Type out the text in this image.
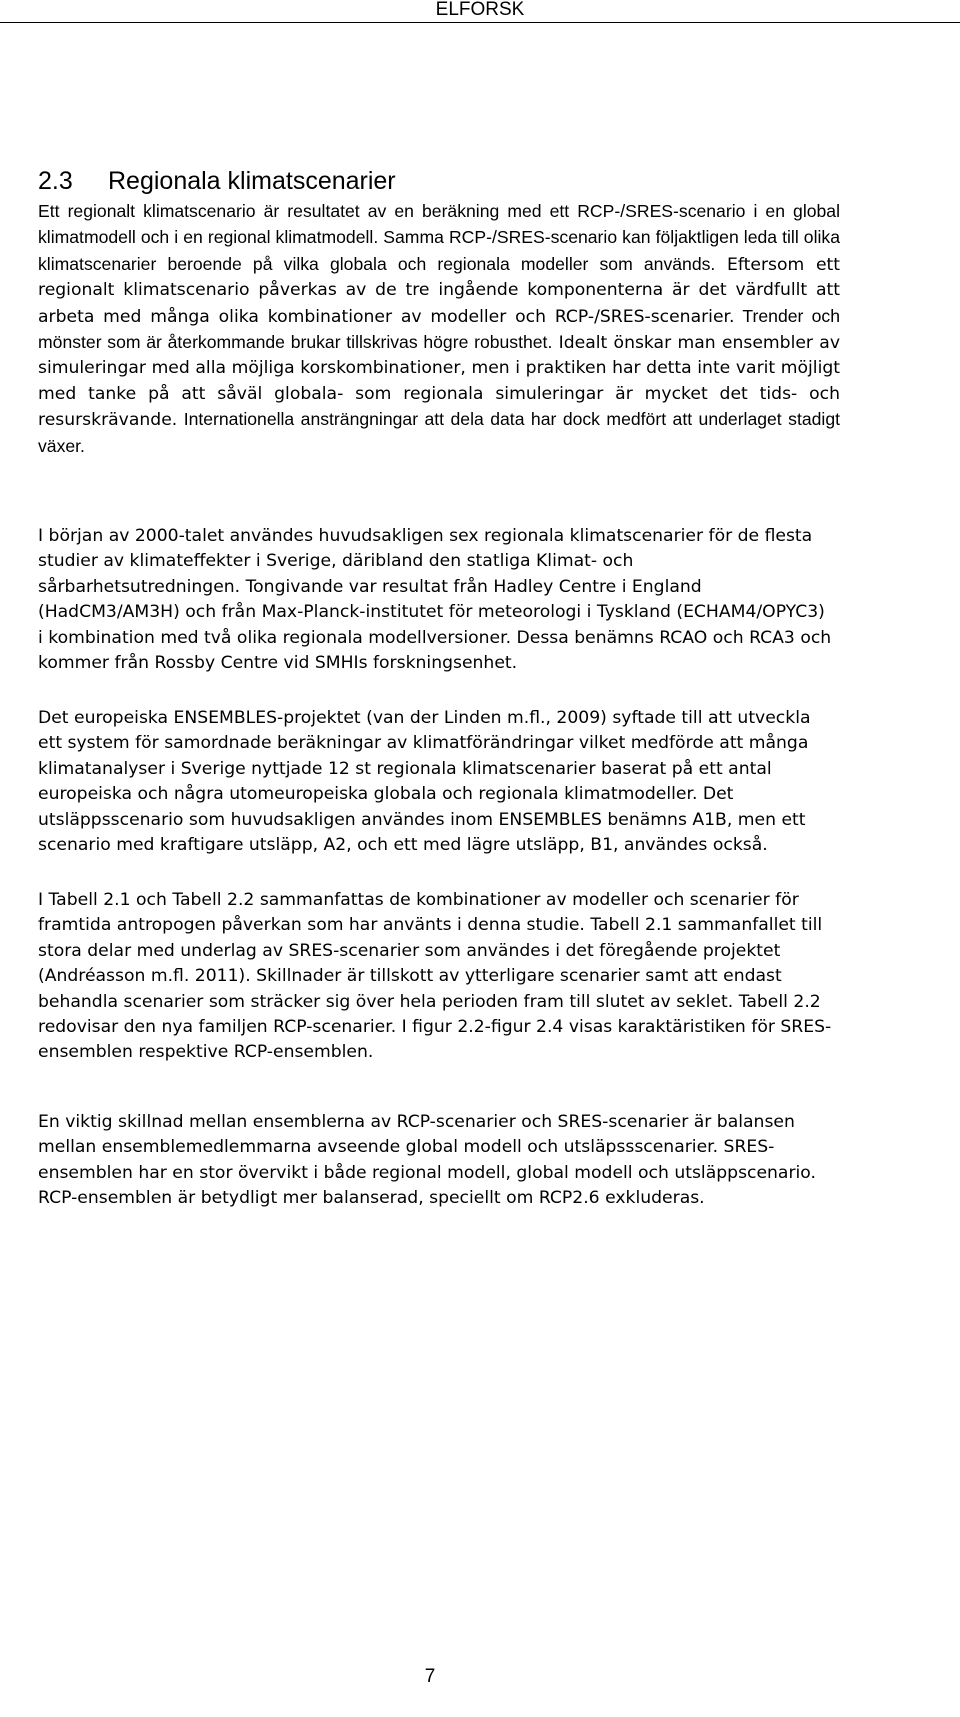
ELFORSK
2.3 Regionala klimatscenarier

Ett regionalt klimatscenario är resultatet av en beräkning med ett RCP-/SRES-scenario i en global klimatmodell och i en regional klimatmodell. Samma RCP-/SRES-scenario kan följaktligen leda till olika klimatscenarier beroende på vilka globala och regionala modeller som används. Eftersom ett regionalt klimatscenario påverkas av de tre ingående komponenterna är det värdfullt att arbeta med många olika kombinationer av modeller och RCP-/SRES-scenarier. Trender och mönster som är återkommande brukar tillskrivas högre robusthet. Idealt önskar man ensembler av simuleringar med alla möjliga korskombinationer, men i praktiken har detta inte varit möjligt med tanke på att såväl globala- som regionala simuleringar är mycket det tids- och resurskrävande. Internationella ansträngningar att dela data har dock medfört att underlaget stadigt växer.

I början av 2000-talet användes huvudsakligen sex regionala klimatscenarier för de flesta studier av klimateffekter i Sverige, däribland den statliga Klimat- och sårbarhetsutredningen. Tongivande var resultat från Hadley Centre i England (HadCM3/AM3H) och från Max-Planck-institutet för meteorologi i Tyskland (ECHAM4/OPYC3) i kombination med två olika regionala modellversioner. Dessa benämns RCAO och RCA3 och kommer från Rossby Centre vid SMHIs forskningsenhet.

Det europeiska ENSEMBLES-projektet (van der Linden m.fl., 2009) syftade till att utveckla ett system för samordnade beräkningar av klimatförändringar vilket medförde att många klimatanalyser i Sverige nyttjade 12 st regionala klimatscenarier baserat på ett antal europeiska och några utomeuropeiska globala och regionala klimatmodeller. Det utsläppsscenario som huvudsakligen användes inom ENSEMBLES benämns A1B, men ett scenario med kraftigare utsläpp, A2, och ett med lägre utsläpp, B1, användes också.

I Tabell 2.1 och Tabell 2.2 sammanfattas de kombinationer av modeller och scenarier för framtida antropogen påverkan som har använts i denna studie. Tabell 2.1 sammanfallet till stora delar med underlag av SRES-scenarier som användes i det föregående projektet (Andréasson m.fl. 2011). Skillnader är tillskott av ytterligare scenarier samt att endast behandla scenarier som sträcker sig över hela perioden fram till slutet av seklet. Tabell 2.2 redovisar den nya familjen RCP-scenarier. I figur 2.2-figur 2.4 visas karaktäristiken för SRES-ensemblen respektive RCP-ensemblen.

En viktig skillnad mellan ensemblerna av RCP-scenarier och SRES-scenarier är balansen mellan ensemblemedlemmarna avseende global modell och utsläpssscenarier. SRES-ensemblen har en stor övervikt i både regional modell, global modell och utsläppscenario. RCP-ensemblen är betydligt mer balanserad, speciellt om RCP2.6 exkluderas.

7
